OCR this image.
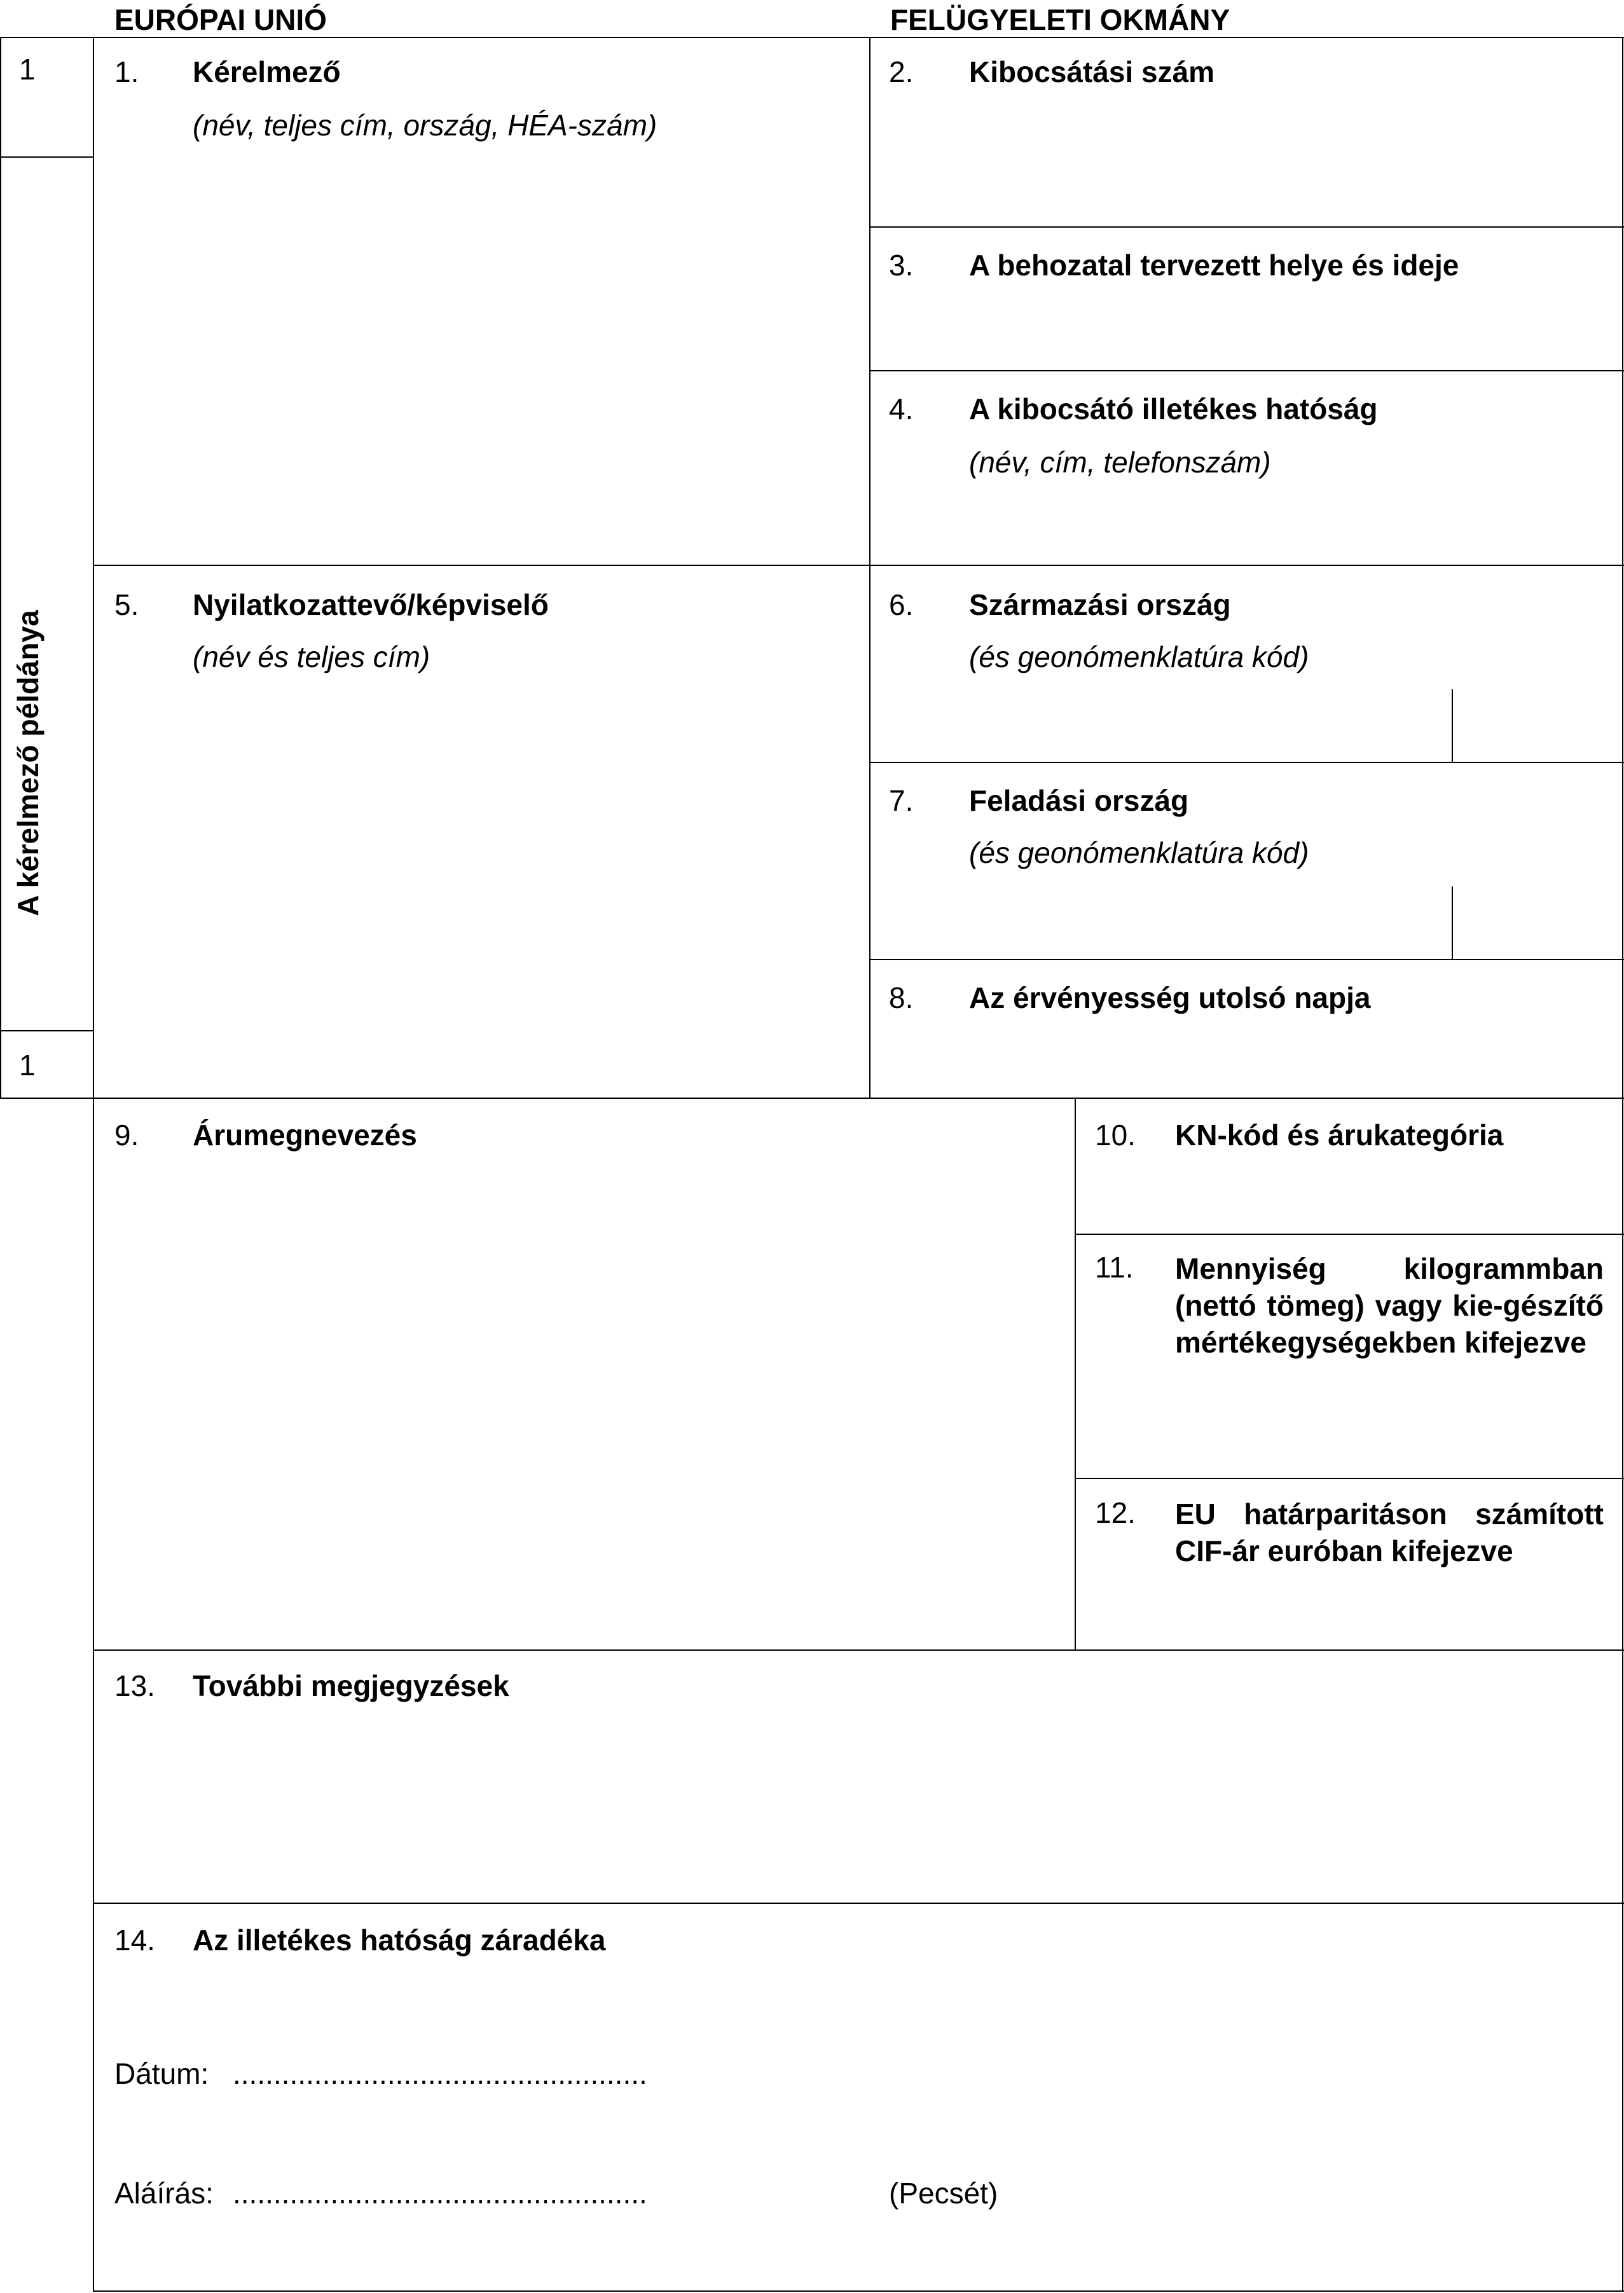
EURÓPAI UNIÓ	FELÜGYELETI OKMÁNY
1
A kérelmező példánya
1
1. Kérelmező
(név, teljes cím, ország, HÉA-szám)
2. Kibocsátási szám
3. A behozatal tervezett helye és ideje
4. A kibocsátó illetékes hatóság
(név, cím, telefonszám)
5. Nyilatkozattevő/képviselő
(név és teljes cím)
6. Származási ország
(és geonómenklatúra kód)
7. Feladási ország
(és geonómenklatúra kód)
8. Az érvényesség utolsó napja
9. Árumegnevezés	10. KN-kód és árukategória
11. Mennyiség kilogrammban (nettó tömeg) vagy kie-gészítő mértékegységekben kifejezve
12. EU határparitáson számított CIF-ár euróban kifejezve
13. További megjegyzések
14. Az illetékes hatóság záradéka
Dátum: ...................................................
Aláírás: ...................................................	(Pecsét)
